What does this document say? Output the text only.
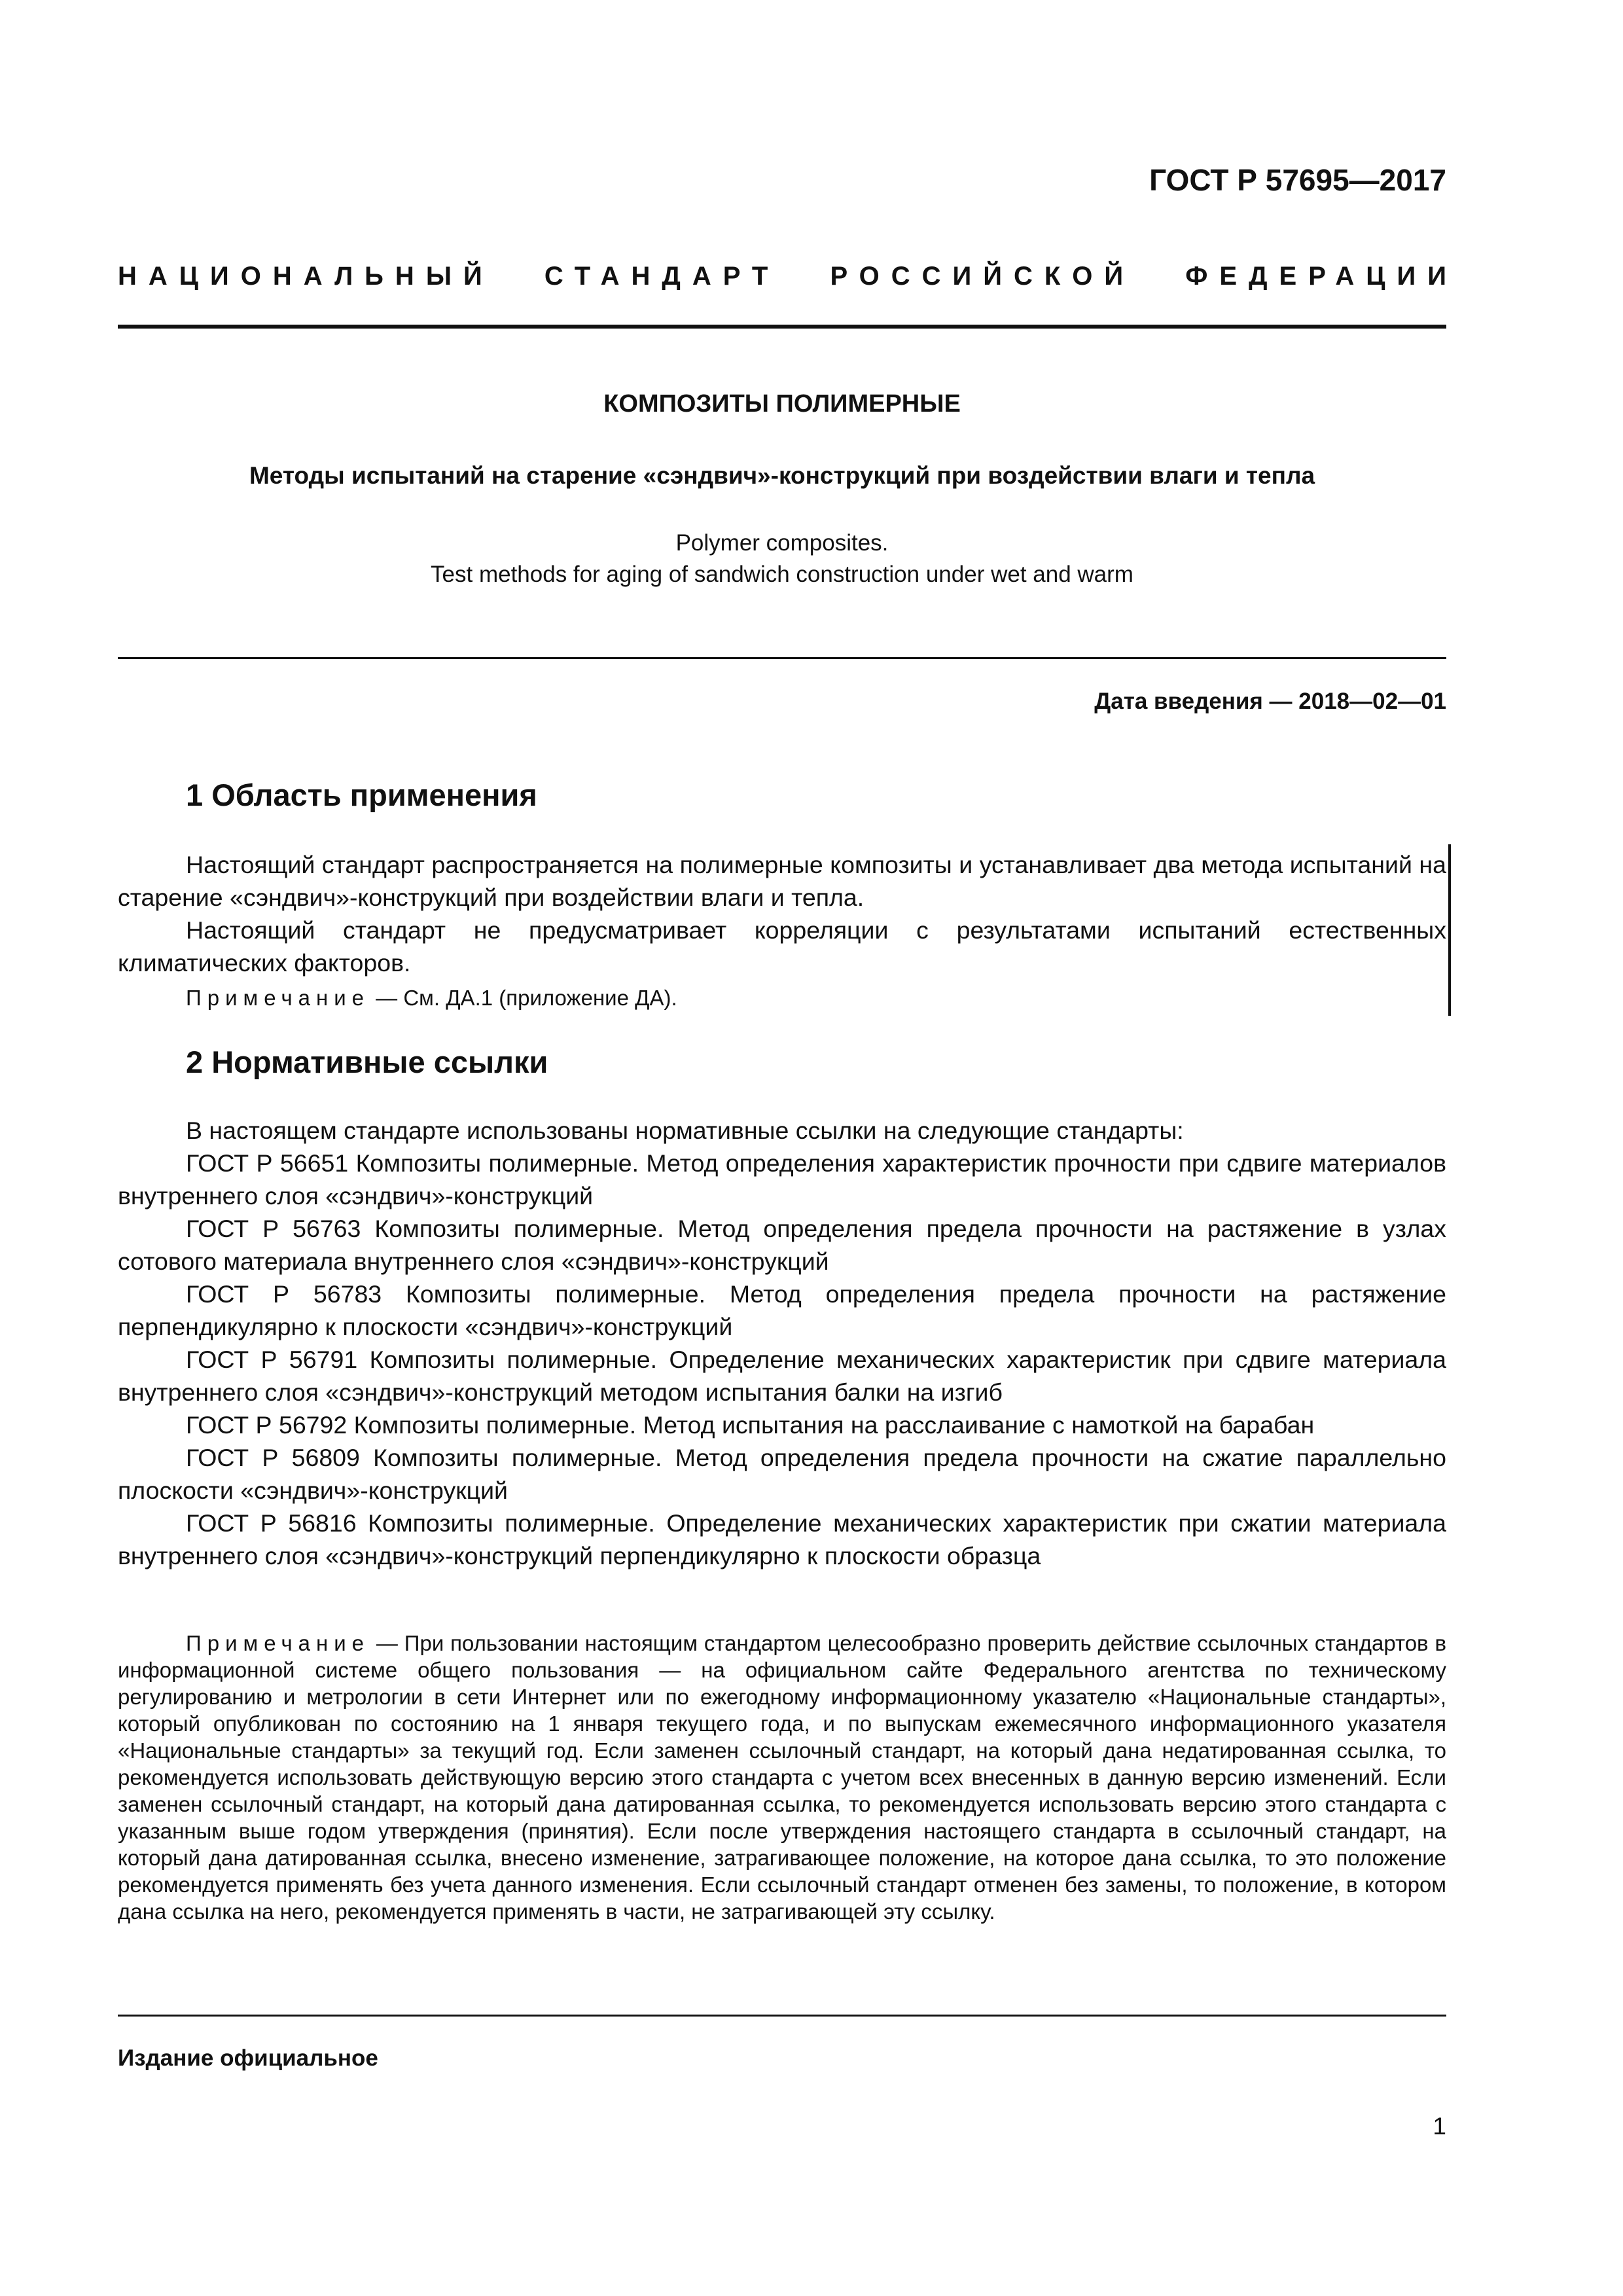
ГОСТ Р 57695—2017
НАЦИОНАЛЬНЫЙ СТАНДАРТ РОССИЙСКОЙ ФЕДЕРАЦИИ
КОМПОЗИТЫ ПОЛИМЕРНЫЕ
Методы испытаний на старение «сэндвич»-конструкций при воздействии влаги и тепла
Polymer composites.
Test methods for aging of sandwich construction under wet and warm
Дата введения — 2018—02—01
1 Область применения

Настоящий стандарт распространяется на полимерные композиты и устанавливает два метода испытаний на старение «сэндвич»-конструкций при воздействии влаги и тепла.

Настоящий стандарт не предусматривает корреляции с результатами испытаний естественных климатических факторов.

Примечание — См. ДА.1 (приложение ДА).

2 Нормативные ссылки

В настоящем стандарте использованы нормативные ссылки на следующие стандарты:

ГОСТ Р 56651 Композиты полимерные. Метод определения характеристик прочности при сдвиге материалов внутреннего слоя «сэндвич»-конструкций

ГОСТ Р 56763 Композиты полимерные. Метод определения предела прочности на растяжение в узлах сотового материала внутреннего слоя «сэндвич»-конструкций

ГОСТ Р 56783 Композиты полимерные. Метод определения предела прочности на растяжение перпендикулярно к плоскости «сэндвич»-конструкций

ГОСТ Р 56791 Композиты полимерные. Определение механических характеристик при сдвиге материала внутреннего слоя «сэндвич»-конструкций методом испытания балки на изгиб

ГОСТ Р 56792 Композиты полимерные. Метод испытания на расслаивание с намоткой на барабан

ГОСТ Р 56809 Композиты полимерные. Метод определения предела прочности на сжатие параллельно плоскости «сэндвич»-конструкций

ГОСТ Р 56816 Композиты полимерные. Определение механических характеристик при сжатии материала внутреннего слоя «сэндвич»-конструкций перпендикулярно к плоскости образца

Примечание — При пользовании настоящим стандартом целесообразно проверить действие ссылочных стандартов в информационной системе общего пользования — на официальном сайте Федерального агентства по техническому регулированию и метрологии в сети Интернет или по ежегодному информационному указателю «Национальные стандарты», который опубликован по состоянию на 1 января текущего года, и по выпускам ежемесячного информационного указателя «Национальные стандарты» за текущий год. Если заменен ссылочный стандарт, на который дана недатированная ссылка, то рекомендуется использовать действующую версию этого стандарта с учетом всех внесенных в данную версию изменений. Если заменен ссылочный стандарт, на который дана датированная ссылка, то рекомендуется использовать версию этого стандарта с указанным выше годом утверждения (принятия). Если после утверждения настоящего стандарта в ссылочный стандарт, на который дана датированная ссылка, внесено изменение, затрагивающее положение, на которое дана ссылка, то это положение рекомендуется применять без учета данного изменения. Если ссылочный стандарт отменен без замены, то положение, в котором дана ссылка на него, рекомендуется применять в части, не затрагивающей эту ссылку.

Издание официальное
1
